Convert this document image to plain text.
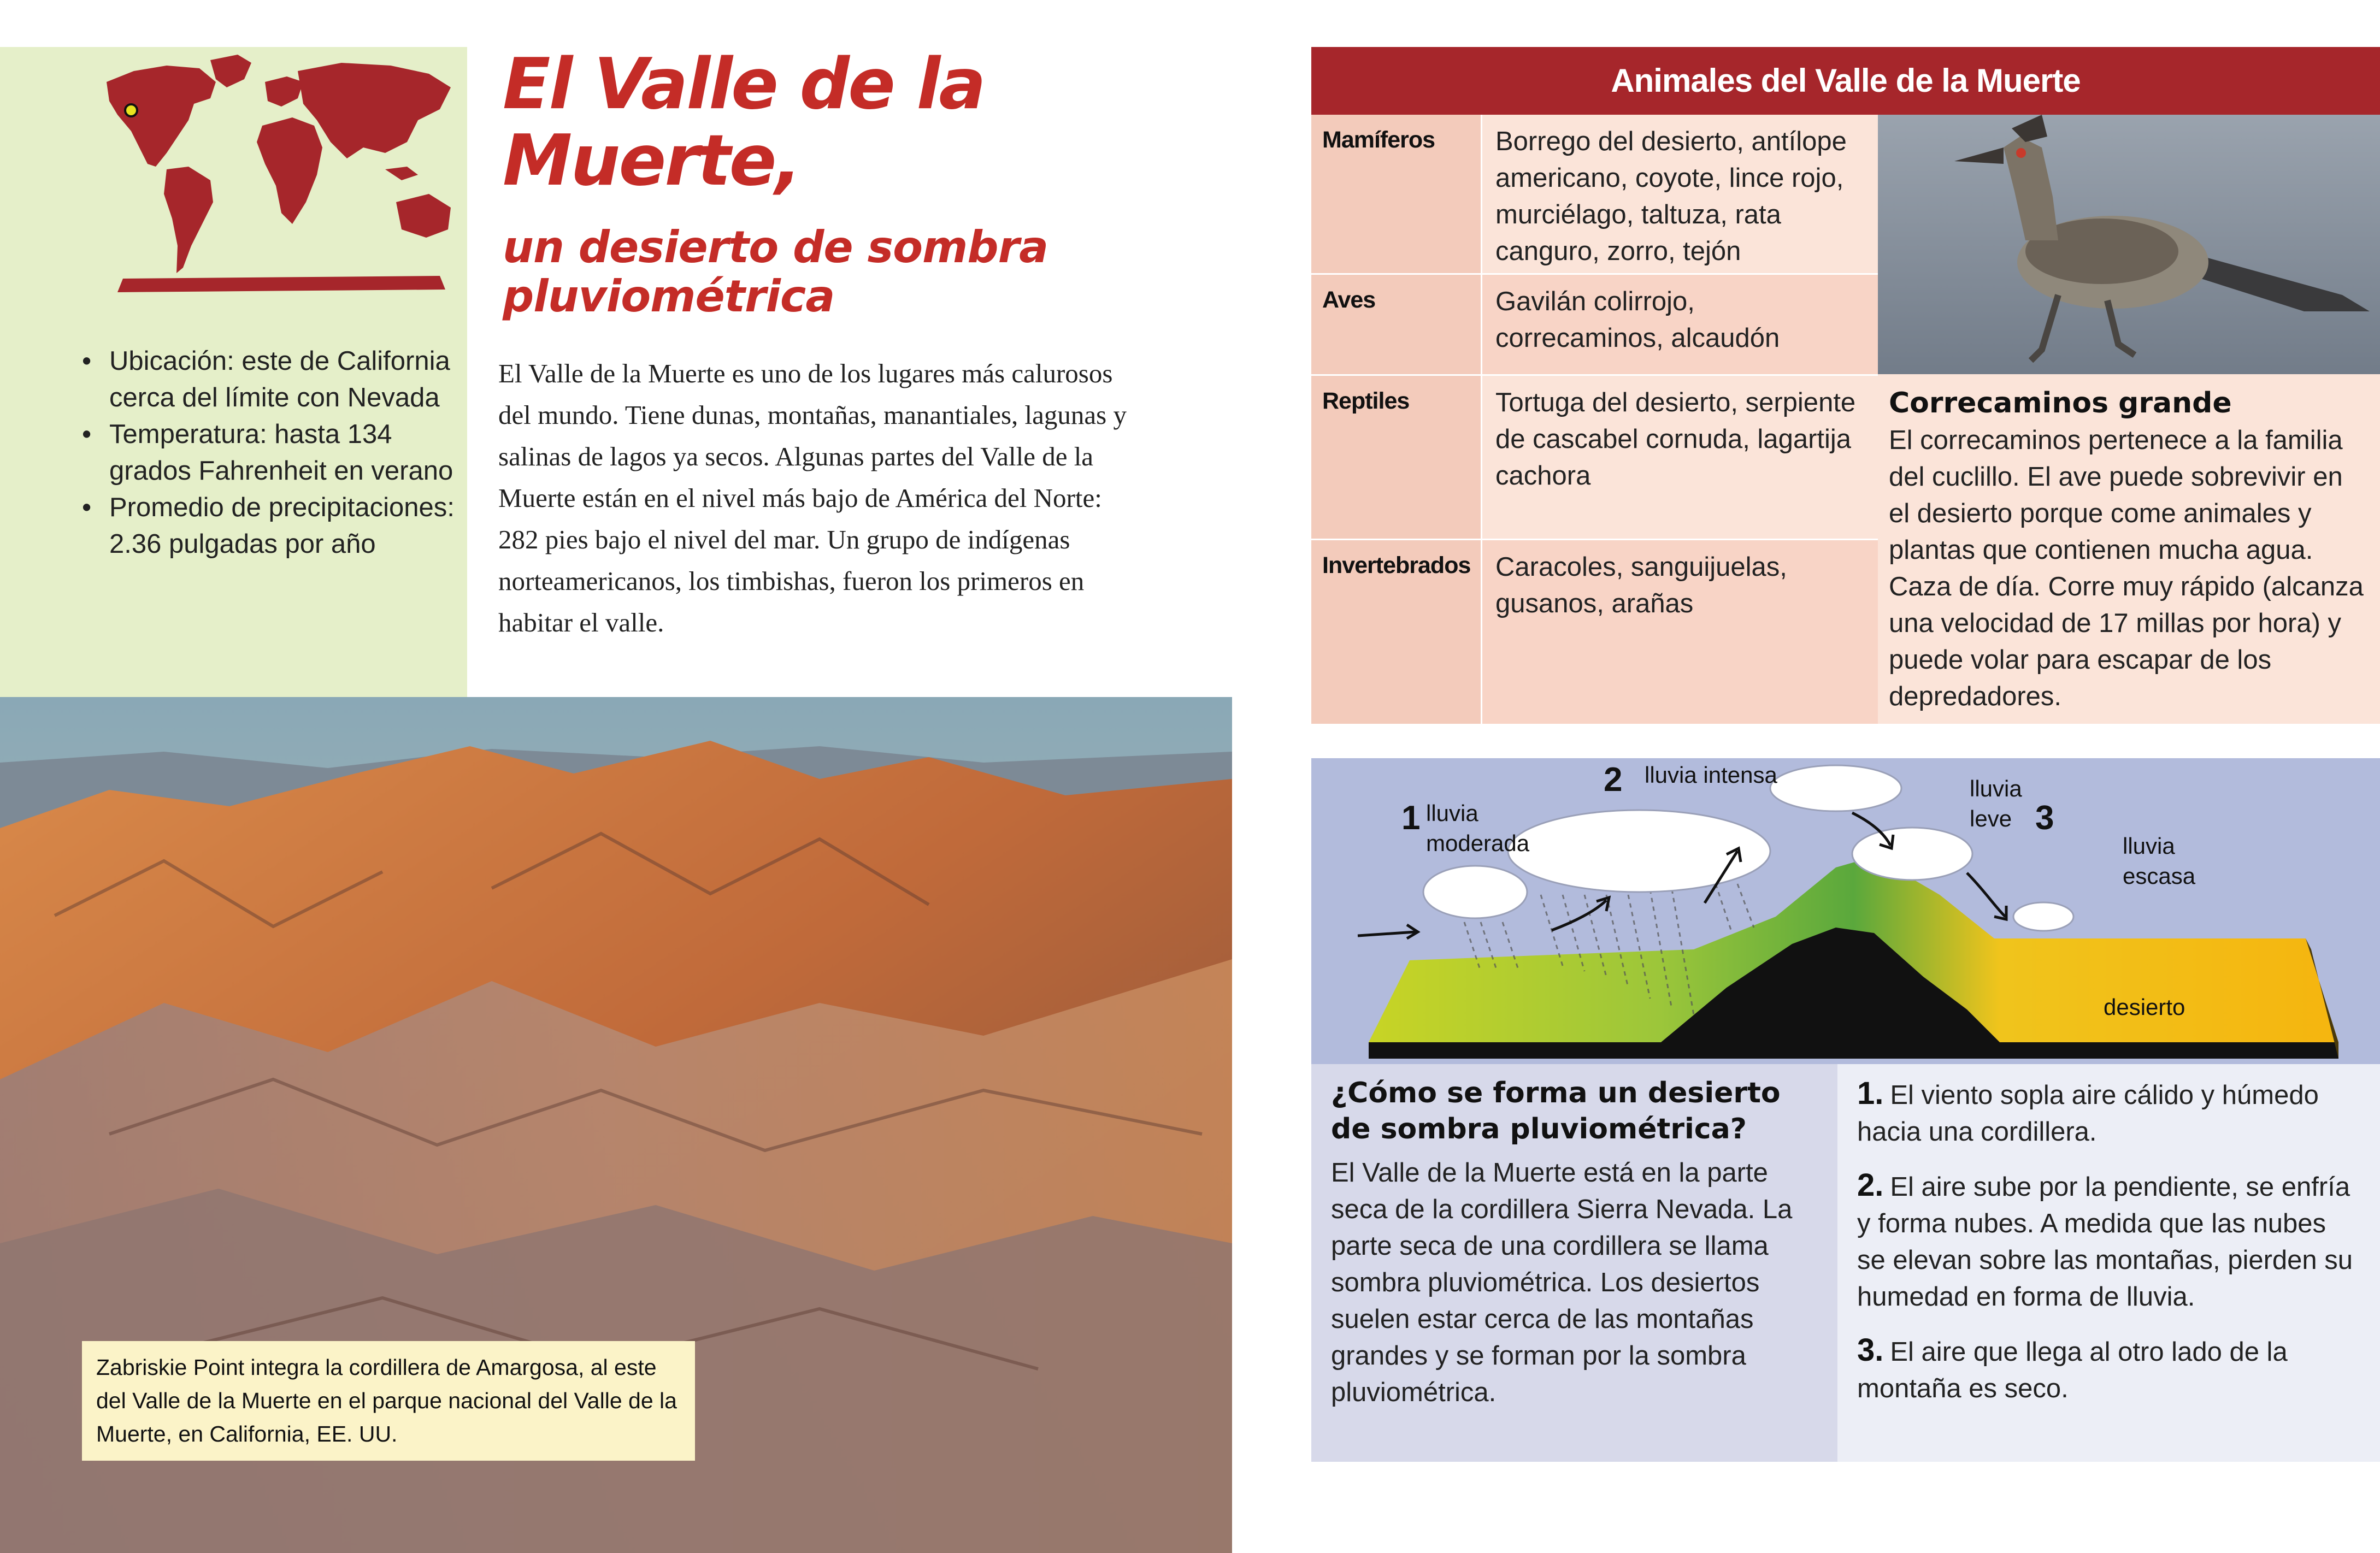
• Ubicación: este de California cerca del límite con Nevada
• Temperatura: hasta 134 grados Fahrenheit en verano
• Promedio de precipitaciones: 2.36 pulgadas por año
El Valle de la Muerte,
un desierto de sombra pluviométrica

El Valle de la Muerte es uno de los lugares más calurosos del mundo. Tiene dunas, montañas, manantiales, lagunas y salinas de lagos ya secos. Algunas partes del Valle de la Muerte están en el nivel más bajo de América del Norte: 282 pies bajo el nivel del mar. Un grupo de indígenas norteamericanos, los timbishas, fueron los primeros en habitar el valle.

Zabriskie Point integra la cordillera de Amargosa, al este del Valle de la Muerte en el parque nacional del Valle de la Muerte, en California, EE. UU.
Animales del Valle de la Muerte
Mamíferos	Borrego del desierto, antílope americano, coyote, lince rojo, murciélago, taltuza, rata canguro, zorro, tejón
Aves	Gavilán colirrojo, correcaminos, alcaudón
Reptiles	Tortuga del desierto, serpiente de cascabel cornuda, lagartija cachora
Invertebrados Caracoles, sanguijuelas, gusanos, arañas
Correcaminos grande
El correcaminos pertenece a la familia del cuclillo. El ave puede sobrevivir en el desierto porque come animales y plantas que contienen mucha agua. Caza de día. Corre muy rápido (alcanza una velocidad de 17 millas por hora) y puede volar para escapar de los depredadores.
1 lluvia
moderada
2 lluvia intensa
lluvia
leve 3
lluvia
escasa
desierto
¿Cómo se forma un desierto de sombra pluviométrica?
El Valle de la Muerte está en la parte seca de la cordillera Sierra Nevada. La parte seca de una cordillera se llama sombra pluviométrica. Los desiertos suelen estar cerca de las montañas grandes y se forman por la sombra pluviométrica.
1. El viento sopla aire cálido y húmedo hacia una cordillera.
2. El aire sube por la pendiente, se enfría y forma nubes. A medida que las nubes se elevan sobre las montañas, pierden su humedad en forma de lluvia.
3. El aire que llega al otro lado de la montaña es seco.
